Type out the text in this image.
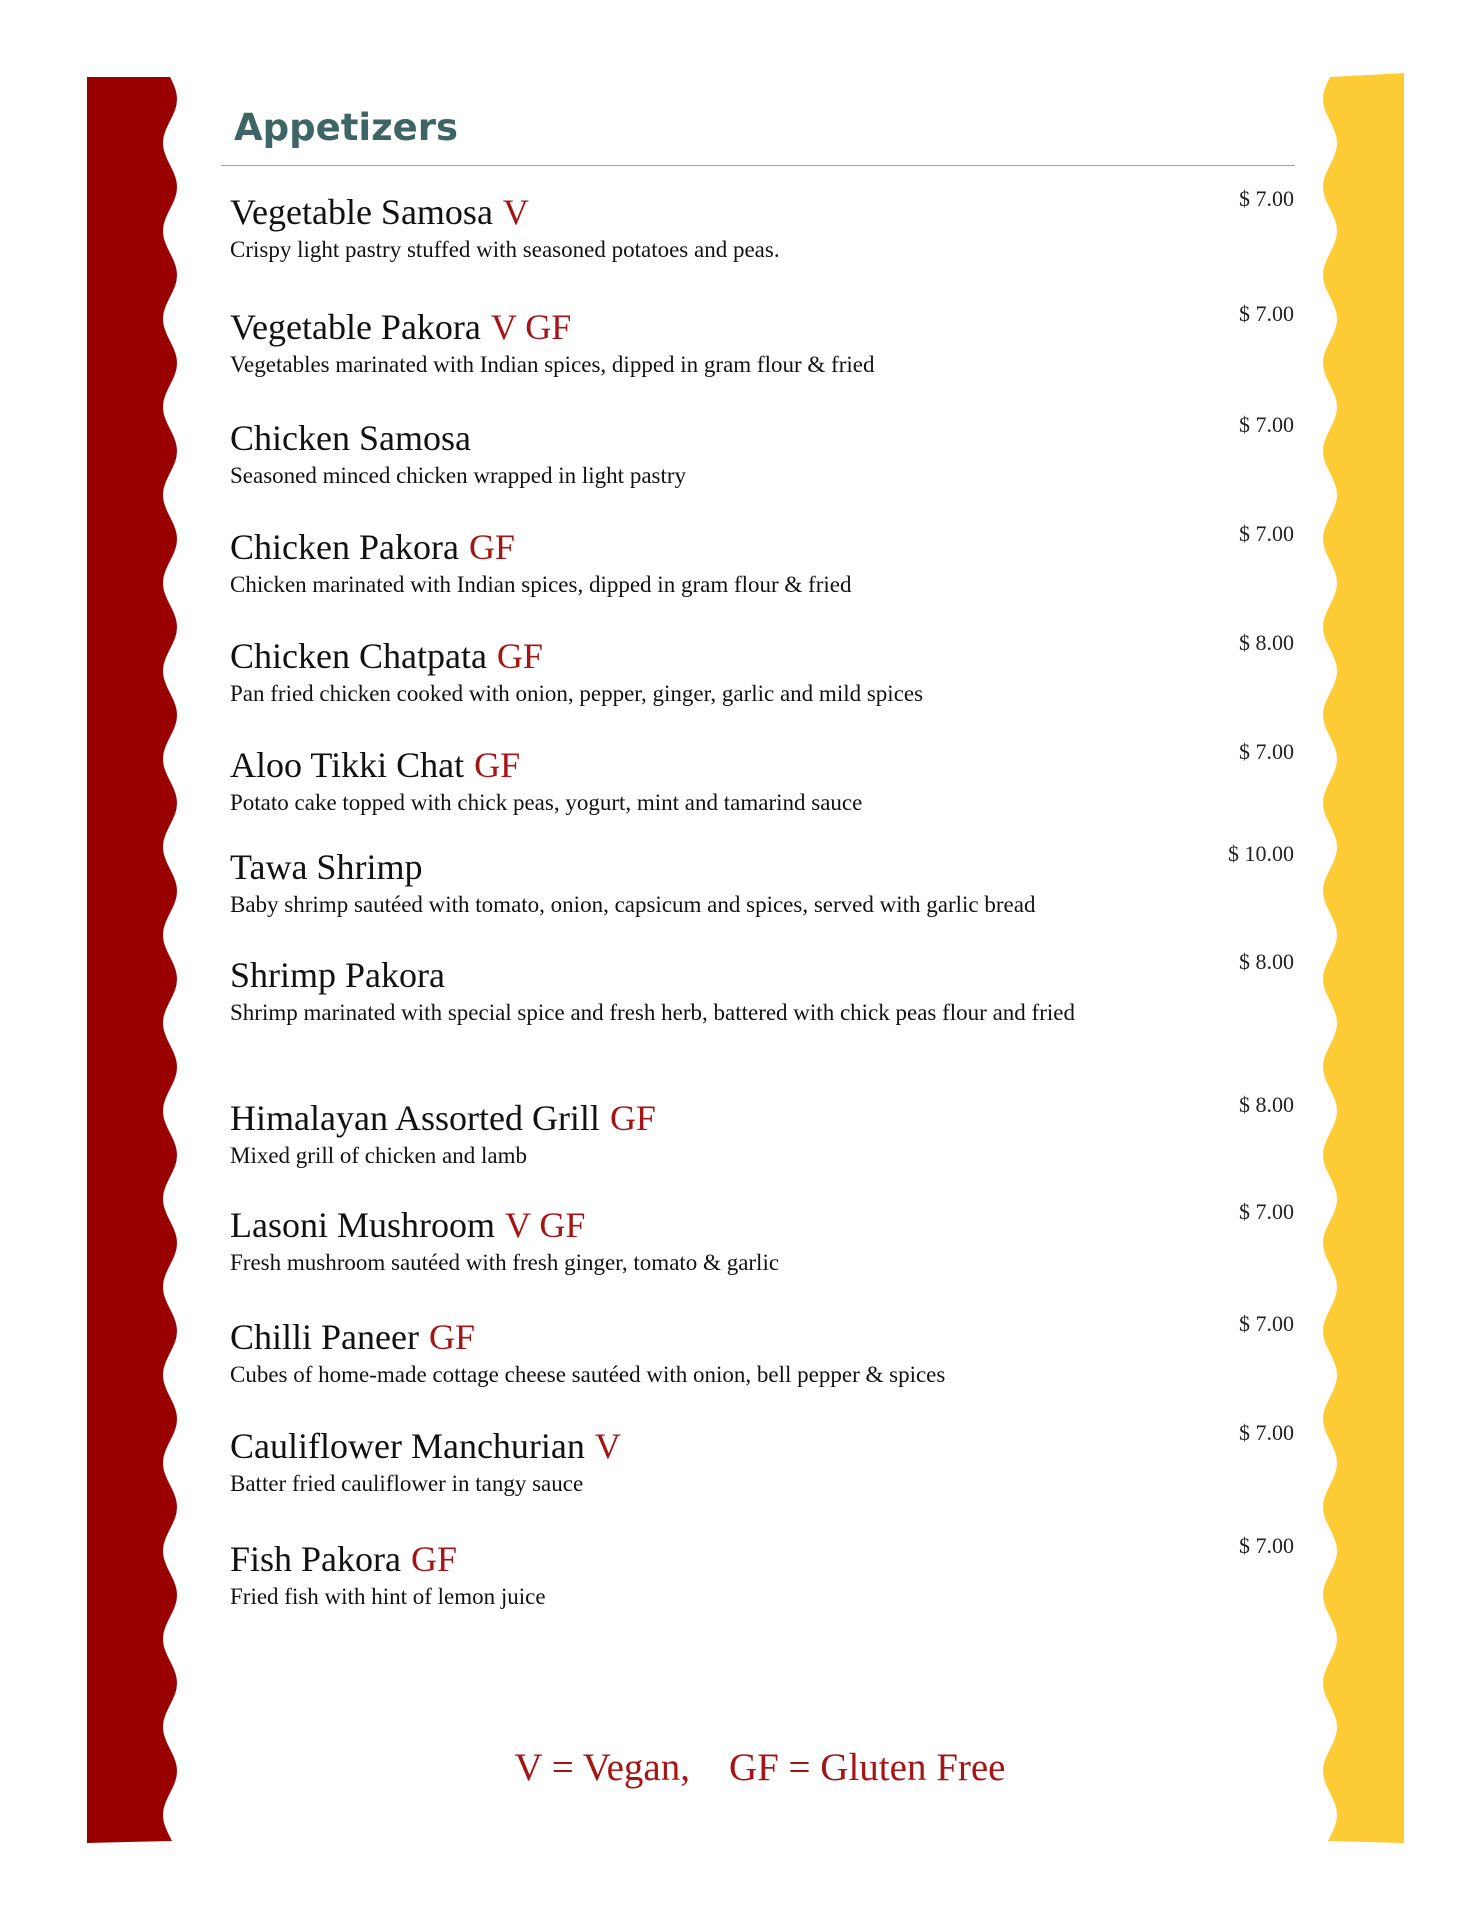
Appetizers
Vegetable Samosa V
Crispy light pastry stuffed with seasoned potatoes and peas.
$ 7.00
Vegetable Pakora V GF
Vegetables marinated with Indian spices, dipped in gram flour & fried
$ 7.00
Chicken Samosa
Seasoned minced chicken wrapped in light pastry
$ 7.00
Chicken Pakora GF
Chicken marinated with Indian spices, dipped in gram flour & fried
$ 7.00
Chicken Chatpata GF
Pan fried chicken cooked with onion, pepper, ginger, garlic and mild spices
$ 8.00
Aloo Tikki Chat GF
Potato cake topped with chick peas, yogurt, mint and tamarind sauce
$ 7.00
Tawa Shrimp
Baby shrimp sautéed with tomato, onion, capsicum and spices, served with garlic bread
$ 10.00
Shrimp Pakora
Shrimp marinated with special spice and fresh herb, battered with chick peas flour and fried
$ 8.00
Himalayan Assorted Grill GF
Mixed grill of chicken and lamb
$ 8.00
Lasoni Mushroom V GF
Fresh mushroom sautéed with fresh ginger, tomato & garlic
$ 7.00
Chilli Paneer GF
Cubes of home-made cottage cheese sautéed with onion, bell pepper & spices
$ 7.00
Cauliflower Manchurian V
Batter fried cauliflower in tangy sauce
$ 7.00
Fish Pakora GF
Fried fish with hint of lemon juice
$ 7.00
V = Vegan,    GF = Gluten Free
